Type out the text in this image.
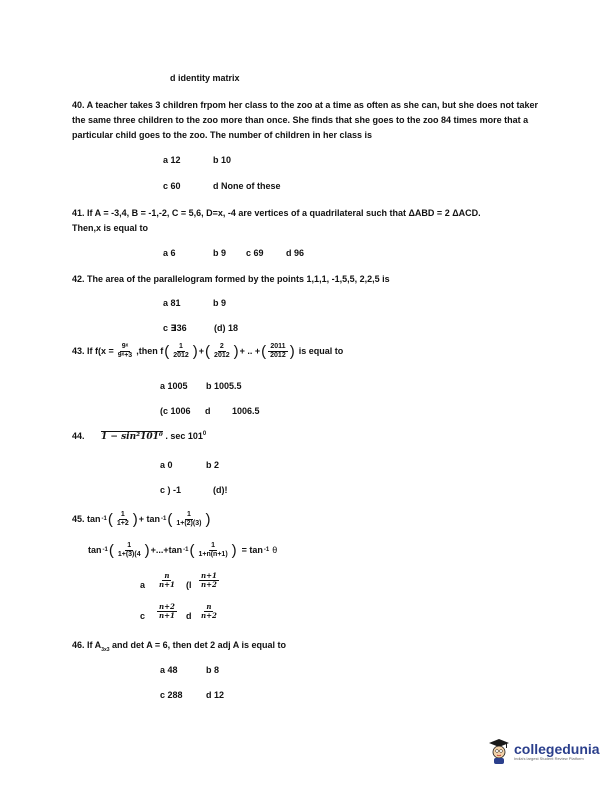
d identity matrix
40. A teacher takes 3 children frpom her class to the zoo at a time as often as she can, but she does not taker the same three children to the zoo more than once. She finds that she goes to the zoo 84 times more that a particular child goes to the zoo. The number of children in her class is
a 12	b 10
c 60	d None of these
41. If A = -3,4, B = -1,-2, C = 5,6, D=x, -4 are vertices of a quadrilateral such that ΔABD = 2 ΔACD.
Then,x is equal to
a 6	b 9 c 69 d 96
42. The area of the parallelogram formed by the points 1,1,1, -1,5,5, 2,2,5 is
a 81	b 9
c ∃36	(d) 18
43. If $f(x = \frac{\text{9ˣ}}{\text{9ˣ+3}}$ ,then f ( $\frac{1}{2012}$ ) + ( $\frac{2}{2012}$ ) + .. + ( $\frac{2011}{2012}$ ) is equal to
a 1005 b 1005.5
(c 1006 d 1006.5
44. 1 − sin²101⁰ . $\sec 101^0$
a 0	b 2
c ) -1	(d)!
45. tan -1 ( $\frac{1}{1+2}$ ) + tan -1 ( $\frac{1}{1+(2)(3)}$ )
tan -1 ( $\frac{1}{1+(3)(4}$ ) +...+tan -1 ( $\frac{1}{1+n(n+1)}$ ) = tan -1 θ
a $\frac{n}{n+1} (l \frac{n+1}{n+2}$
c $\frac{n+2}{n+1}$ d $\frac{n}{n+2}$
46. If $A_{3x3}$ and det A = 6, then det 2 adj A is equal to
a 48	b 8
c 288	d 12
collegedunia
India's largest Student Review Platform
